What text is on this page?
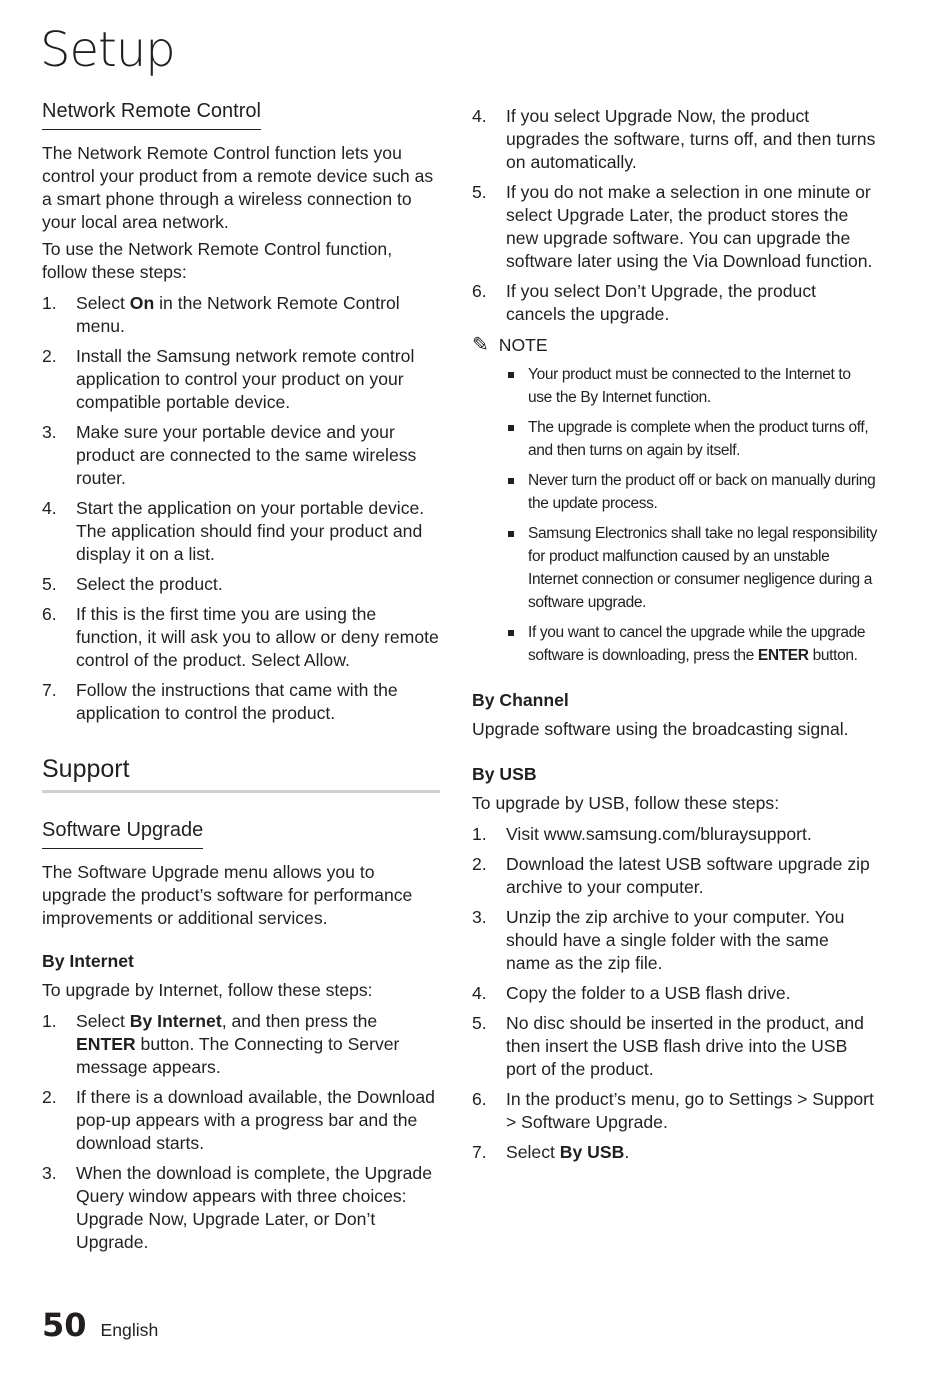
Setup
Network Remote Control
The Network Remote Control function lets you control your product from a remote device such as a smart phone through a wireless connection to your local area network.
To use the Network Remote Control function, follow these steps:
1. Select On in the Network Remote Control menu.
2. Install the Samsung network remote control application to control your product on your compatible portable device.
3. Make sure your portable device and your product are connected to the same wireless router.
4. Start the application on your portable device. The application should find your product and display it on a list.
5. Select the product.
6. If this is the first time you are using the function, it will ask you to allow or deny remote control of the product. Select Allow.
7. Follow the instructions that came with the application to control the product.
Support
Software Upgrade
The Software Upgrade menu allows you to upgrade the product’s software for performance improvements or additional services.
By Internet
To upgrade by Internet, follow these steps:
1. Select By Internet, and then press the ENTER button. The Connecting to Server message appears.
2. If there is a download available, the Download pop-up appears with a progress bar and the download starts.
3. When the download is complete, the Upgrade Query window appears with three choices: Upgrade Now, Upgrade Later, or Don’t Upgrade.
4. If you select Upgrade Now, the product upgrades the software, turns off, and then turns on automatically.
5. If you do not make a selection in one minute or select Upgrade Later, the product stores the new upgrade software. You can upgrade the software later using the Via Download function.
6. If you select Don’t Upgrade, the product cancels the upgrade.
✎ NOTE
Your product must be connected to the Internet to use the By Internet function.
The upgrade is complete when the product turns off, and then turns on again by itself.
Never turn the product off or back on manually during the update process.
Samsung Electronics shall take no legal responsibility for product malfunction caused by an unstable Internet connection or consumer negligence during a software upgrade.
If you want to cancel the upgrade while the upgrade software is downloading, press the ENTER button.
By Channel
Upgrade software using the broadcasting signal.
By USB
To upgrade by USB, follow these steps:
1. Visit www.samsung.com/bluraysupport.
2. Download the latest USB software upgrade zip archive to your computer.
3. Unzip the zip archive to your computer. You should have a single folder with the same name as the zip file.
4. Copy the folder to a USB flash drive.
5. No disc should be inserted in the product, and then insert the USB flash drive into the USB port of the product.
6. In the product’s menu, go to Settings > Support > Software Upgrade.
7. Select By USB.
50 English
